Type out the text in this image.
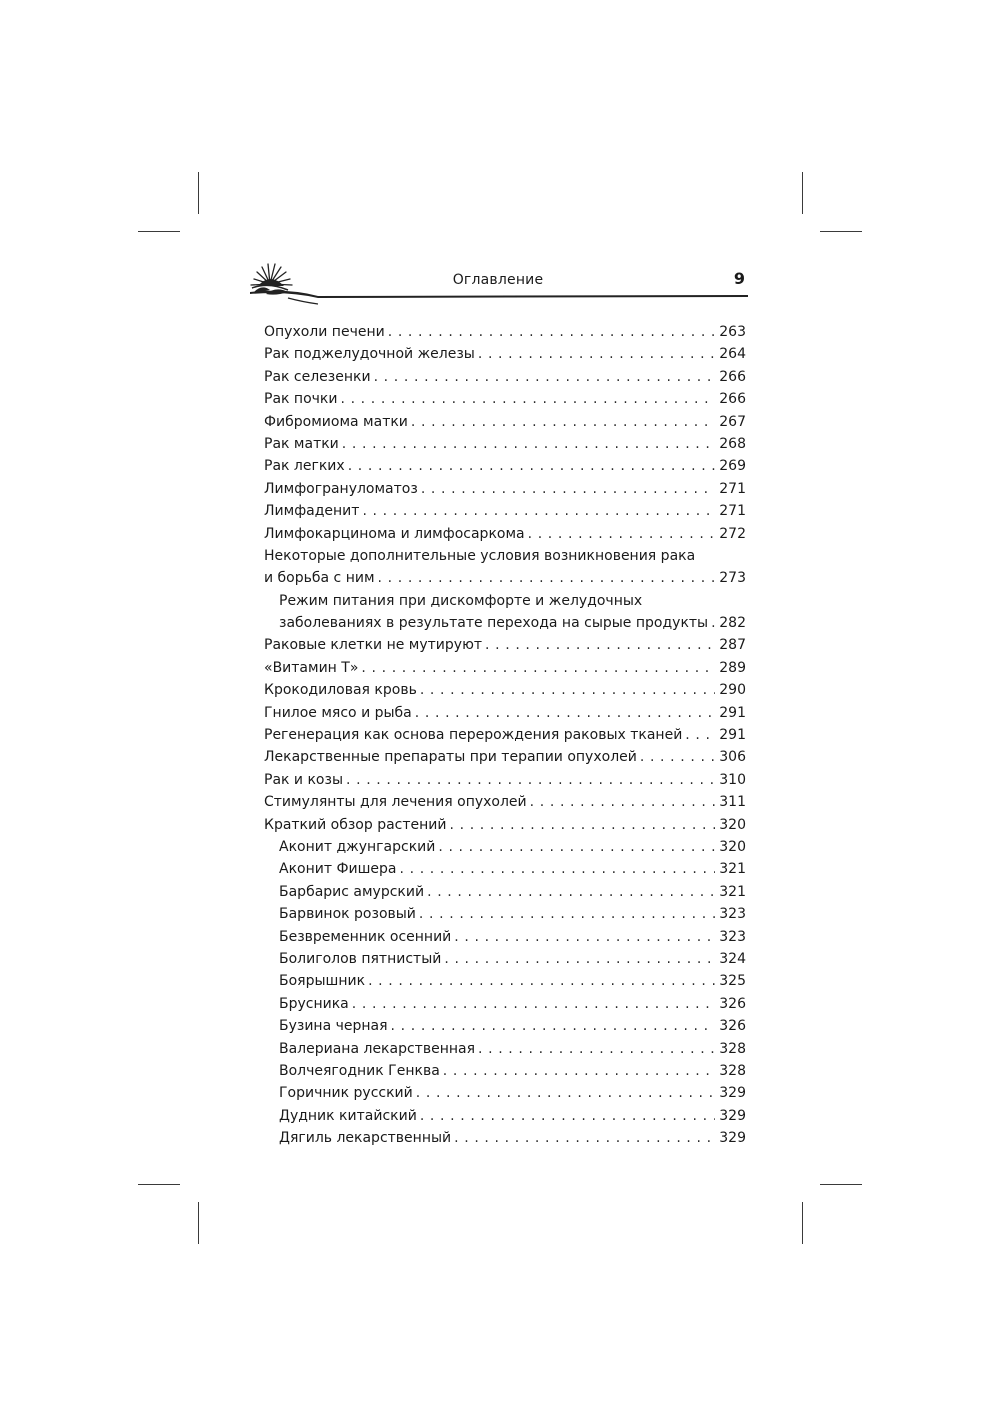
Оглавление	9
Опухоли печени . . .	263
Рак поджелудочной железы . . .	264
Рак селезенки . . .	266
Рак почки . . .	266
Фибромиома матки . . .	267
Рак матки . . .	268
Рак легких . . .	269
Лимфогрануломатоз . . .	271
Лимфаденит . . .	271
Лимфокарцинома и лимфосаркома . . .	272
Некоторые дополнительные условия возникновения рака
и борьба с ним . . .	273
Режим питания при дискомфорте и желудочных
заболеваниях в результате перехода на сырые продукты . . . 282
Раковые клетки не мутируют . . .	287
«Витамин Т» . . .	289
Крокодиловая кровь . . .	290
Гнилое мясо и рыба . . .	291
Регенерация как основа перерождения раковых тканей . . .	291
Лекарственные препараты при терапии опухолей . . .	306
Рак и козы . . .	310
Стимулянты для лечения опухолей . . .	311
Краткий обзор растений . . .	320
Аконит джунгарский . . .	320
Аконит Фишера . . .	321
Барбарис амурский . . .	321
Барвинок розовый . . .	323
Безвременник осенний . . .	323
Болиголов пятнистый . . .	324
Боярышник . . .	325
Брусника . . .	326
Бузина черная . . .	326
Валериана лекарственная . . .	328
Волчеягодник Генква . . .	328
Горичник русский . . .	329
Дудник китайский . . .	329
Дягиль лекарственный . . .	329
